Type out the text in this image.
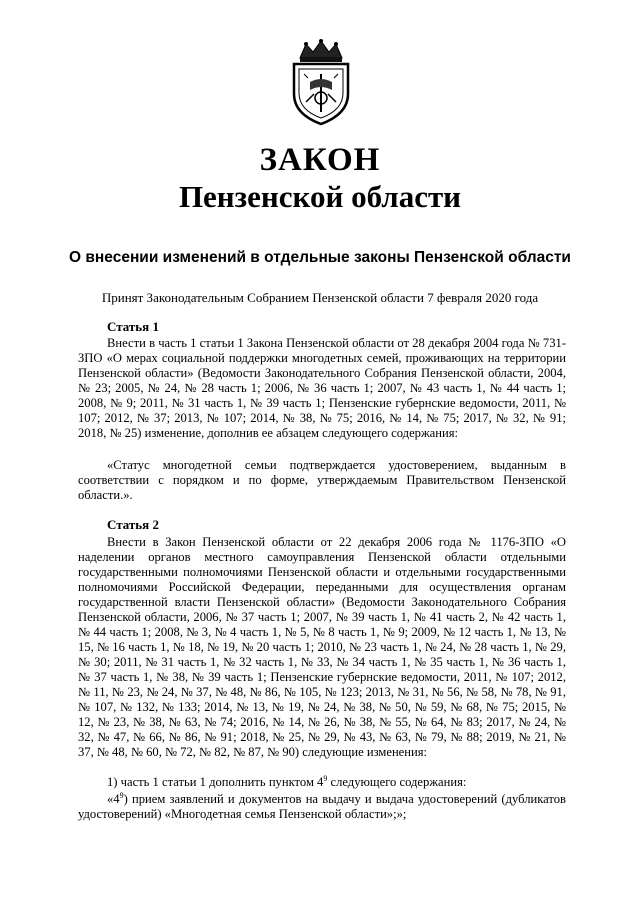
ЗАКОН
Пензенской области
О внесении изменений в отдельные законы Пензенской области
Принят Законодательным Собранием Пензенской области 7 февраля 2020 года
Статья 1

Внести в часть 1 статьи 1 Закона Пензенской области от 28 декабря 2004 года № 731-ЗПО «О мерах социальной поддержки многодетных семей, проживающих на территории Пензенской области» (Ведомости Законодательного Собрания Пензенской области, 2004, № 23; 2005, № 24, № 28 часть 1; 2006, № 36 часть 1; 2007, № 43 часть 1, № 44 часть 1; 2008, № 9; 2011, № 31 часть 1, № 39 часть 1; Пензенские губернские ведомости, 2011, № 107; 2012, № 37; 2013, № 107; 2014, № 38, № 75; 2016, № 14, № 75; 2017, № 32, № 91; 2018, № 25) изменение, дополнив ее абзацем следующего содержания:

«Статус многодетной семьи подтверждается удостоверением, выданным в соответствии с порядком и по форме, утверждаемым Правительством Пензенской области.».

Статья 2

Внести в Закон Пензенской области от 22 декабря 2006 года № 1176-ЗПО «О наделении органов местного самоуправления Пензенской области отдельными государственными полномочиями Пензенской области и отдельными государственными полномочиями Российской Федерации, переданными для осуществления органам государственной власти Пензенской области» (Ведомости Законодательного Собрания Пензенской области, 2006, № 37 часть 1; 2007, № 39 часть 1, № 41 часть 2, № 42 часть 1, № 44 часть 1; 2008, № 3, № 4 часть 1, № 5, № 8 часть 1, № 9; 2009, № 12 часть 1, № 13, № 15, № 16 часть 1, № 18, № 19, № 20 часть 1; 2010, № 23 часть 1, № 24, № 28 часть 1, № 29, № 30; 2011, № 31 часть 1, № 32 часть 1, № 33, № 34 часть 1, № 35 часть 1, № 36 часть 1, № 37 часть 1, № 38, № 39 часть 1; Пензенские губернские ведомости, 2011, № 107; 2012, № 11, № 23, № 24, № 37, № 48, № 86, № 105, № 123; 2013, № 31, № 56, № 58, № 78, № 91, № 107, № 132, № 133; 2014, № 13, № 19, № 24, № 38, № 50, № 59, № 68, № 75; 2015, № 12, № 23, № 38, № 63, № 74; 2016, № 14, № 26, № 38, № 55, № 64, № 83; 2017, № 24, № 32, № 47, № 66, № 86, № 91; 2018, № 25, № 29, № 43, № 63, № 79, № 88; 2019, № 21, № 37, № 48, № 60, № 72, № 82, № 87, № 90) следующие изменения:

1) часть 1 статьи 1 дополнить пунктом $4^9$ следующего содержания:

«$4^9$) прием заявлений и документов на выдачу и выдача удостоверений (дубликатов удостоверений) «Многодетная семья Пензенской области»;»;
